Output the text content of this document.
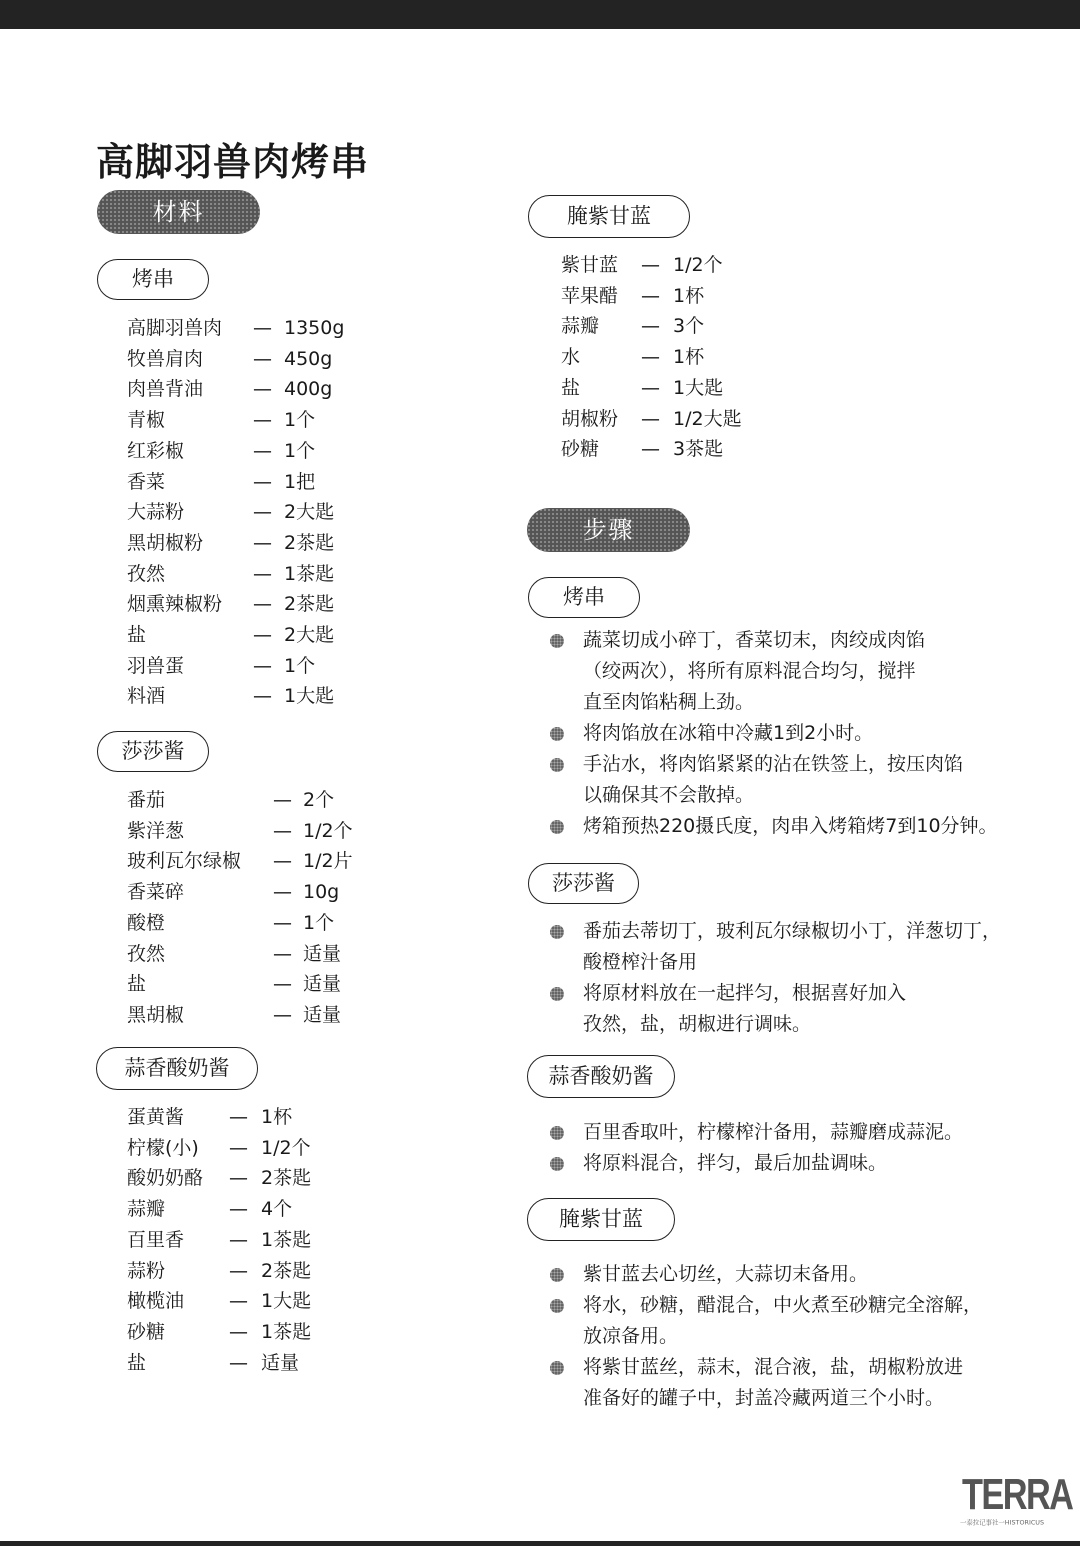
高脚羽兽肉烤串
材料
烤串
高脚羽兽肉 — 1350g
牧兽肩肉	— 450g
肉兽背油	— 400g
青椒	— 1个
红彩椒	— 1个
香菜	— 1把
大蒜粉	— 2大匙
黑胡椒粉	— 2茶匙
孜然	— 1茶匙
烟熏辣椒粉 — 2茶匙
盐	— 2大匙
羽兽蛋	— 1个
料酒	— 1大匙
莎莎酱
番茄	— 2个
紫洋葱	— 1/2个
玻利瓦尔绿椒 — 1/2片
香菜碎	— 10g
酸橙	— 1个
孜然	— 适量
盐	— 适量
黑胡椒	— 适量
蒜香酸奶酱
蛋黄酱 — 1杯
柠檬(小) — 1/2个
酸奶奶酪 — 2茶匙
蒜瓣	— 4个
百里香 — 1茶匙
蒜粉	— 2茶匙
橄榄油 — 1大匙
砂糖	— 1茶匙
盐	— 适量
腌紫甘蓝
紫甘蓝 — 1/2个
苹果醋 — 1杯
蒜瓣 — 3个
水	— 1杯
盐	— 1大匙
胡椒粉 — 1/2大匙
砂糖 — 3茶匙
步骤
烤串
蔬菜切成小碎丁，香菜切末，肉绞成肉馅
（绞两次），将所有原料混合均匀，搅拌
直至肉馅粘稠上劲。
将肉馅放在冰箱中冷藏1到2小时。
手沾水，将肉馅紧紧的沾在铁签上，按压肉馅
以确保其不会散掉。
烤箱预热220摄氏度，肉串入烤箱烤7到10分钟。
莎莎酱
番茄去蒂切丁，玻利瓦尔绿椒切小丁，洋葱切丁，
酸橙榨汁备用
将原材料放在一起拌匀，根据喜好加入
孜然，盐，胡椒进行调味。
蒜香酸奶酱
百里香取叶，柠檬榨汁备用，蒜瓣磨成蒜泥。
将原料混合，拌匀，最后加盐调味。
腌紫甘蓝
紫甘蓝去心切丝，大蒜切末备用。
将水，砂糖，醋混合，中火煮至砂糖完全溶解，
放凉备用。
将紫甘蓝丝，蒜末，混合液，盐，胡椒粉放进
准备好的罐子中，封盖冷藏两道三个小时。
TERRA
一泰拉记事社一HISTORICUS
